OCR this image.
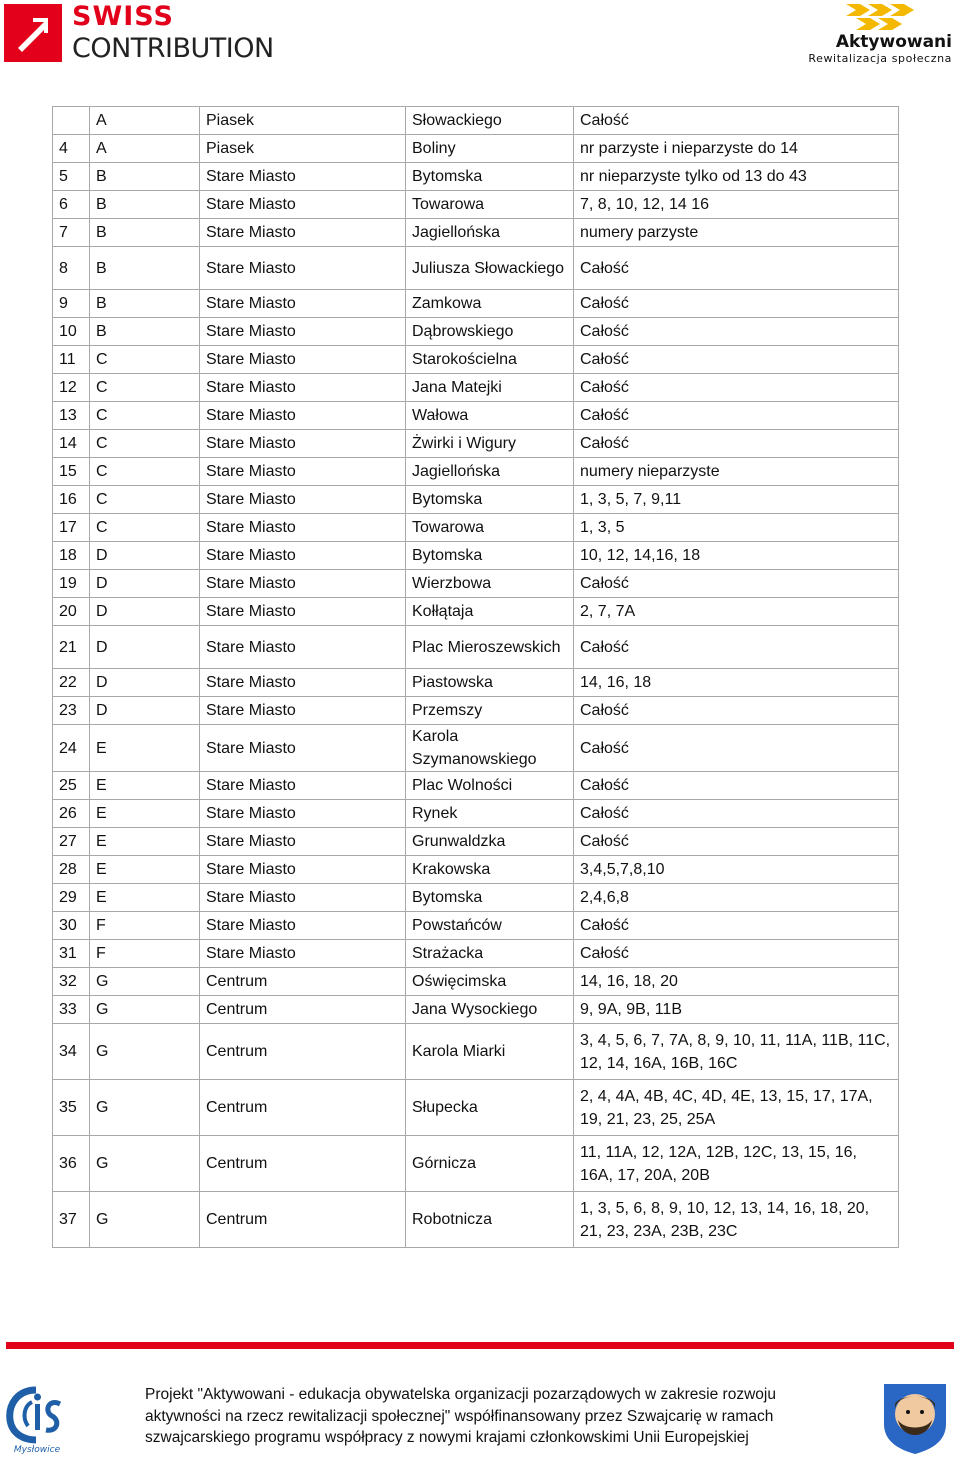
SWISS
CONTRIBUTION	Aktywowani
Rewitalizacja społeczna
	A	Piasek	Słowackiego	Całość
4	A	Piasek	Boliny	nr parzyste i nieparzyste do 14
5	B	Stare Miasto	Bytomska	nr nieparzyste tylko od 13 do 43
6	B	Stare Miasto	Towarowa	7, 8, 10, 12, 14 16
7	B	Stare Miasto	Jagiellońska	numery parzyste
8	B	Stare Miasto	Juliusza Słowackiego	Całość
9	B	Stare Miasto	Zamkowa	Całość
10	B	Stare Miasto	Dąbrowskiego	Całość
11	C	Stare Miasto	Starokościelna	Całość
12	C	Stare Miasto	Jana Matejki	Całość
13	C	Stare Miasto	Wałowa	Całość
14	C	Stare Miasto	Żwirki i Wigury	Całość
15	C	Stare Miasto	Jagiellońska	numery nieparzyste
16	C	Stare Miasto	Bytomska	1, 3, 5, 7, 9,11
17	C	Stare Miasto	Towarowa	1, 3, 5
18	D	Stare Miasto	Bytomska	10, 12, 14,16, 18
19	D	Stare Miasto	Wierzbowa	Całość
20	D	Stare Miasto	Kołłątaja	2, 7, 7A
21	D	Stare Miasto	Plac Mieroszewskich	Całość
22	D	Stare Miasto	Piastowska	14, 16, 18
23	D	Stare Miasto	Przemszy	Całość
24	E	Stare Miasto	Karola Szymanowskiego	Całość
25	E	Stare Miasto	Plac Wolności	Całość
26	E	Stare Miasto	Rynek	Całość
27	E	Stare Miasto	Grunwaldzka	Całość
28	E	Stare Miasto	Krakowska	3,4,5,7,8,10
29	E	Stare Miasto	Bytomska	2,4,6,8
30	F	Stare Miasto	Powstańców	Całość
31	F	Stare Miasto	Strażacka	Całość
32	G	Centrum	Oświęcimska	14, 16, 18, 20
33	G	Centrum	Jana Wysockiego	9, 9A, 9B, 11B
34	G	Centrum	Karola Miarki	3, 4, 5, 6, 7, 7A, 8, 9, 10, 11, 11A, 11B, 11C, 12, 14, 16A, 16B, 16C
35	G	Centrum	Słupecka	2, 4, 4A, 4B, 4C, 4D, 4E, 13, 15, 17, 17A, 19, 21, 23, 25, 25A
36	G	Centrum	Górnicza	11, 11A, 12, 12A, 12B, 12C, 13, 15, 16, 16A, 17, 20A, 20B
37	G	Centrum	Robotnicza	1, 3, 5, 6, 8, 9, 10, 12, 13, 14, 16, 18, 20, 21, 23, 23A, 23B, 23C
Mysłowice
Projekt "Aktywowani - edukacja obywatelska organizacji pozarządowych w zakresie rozwoju
aktywności na rzecz rewitalizacji społecznej" współfinansowany przez Szwajcarię w ramach
szwajcarskiego programu współpracy z nowymi krajami członkowskimi Unii Europejskiej
